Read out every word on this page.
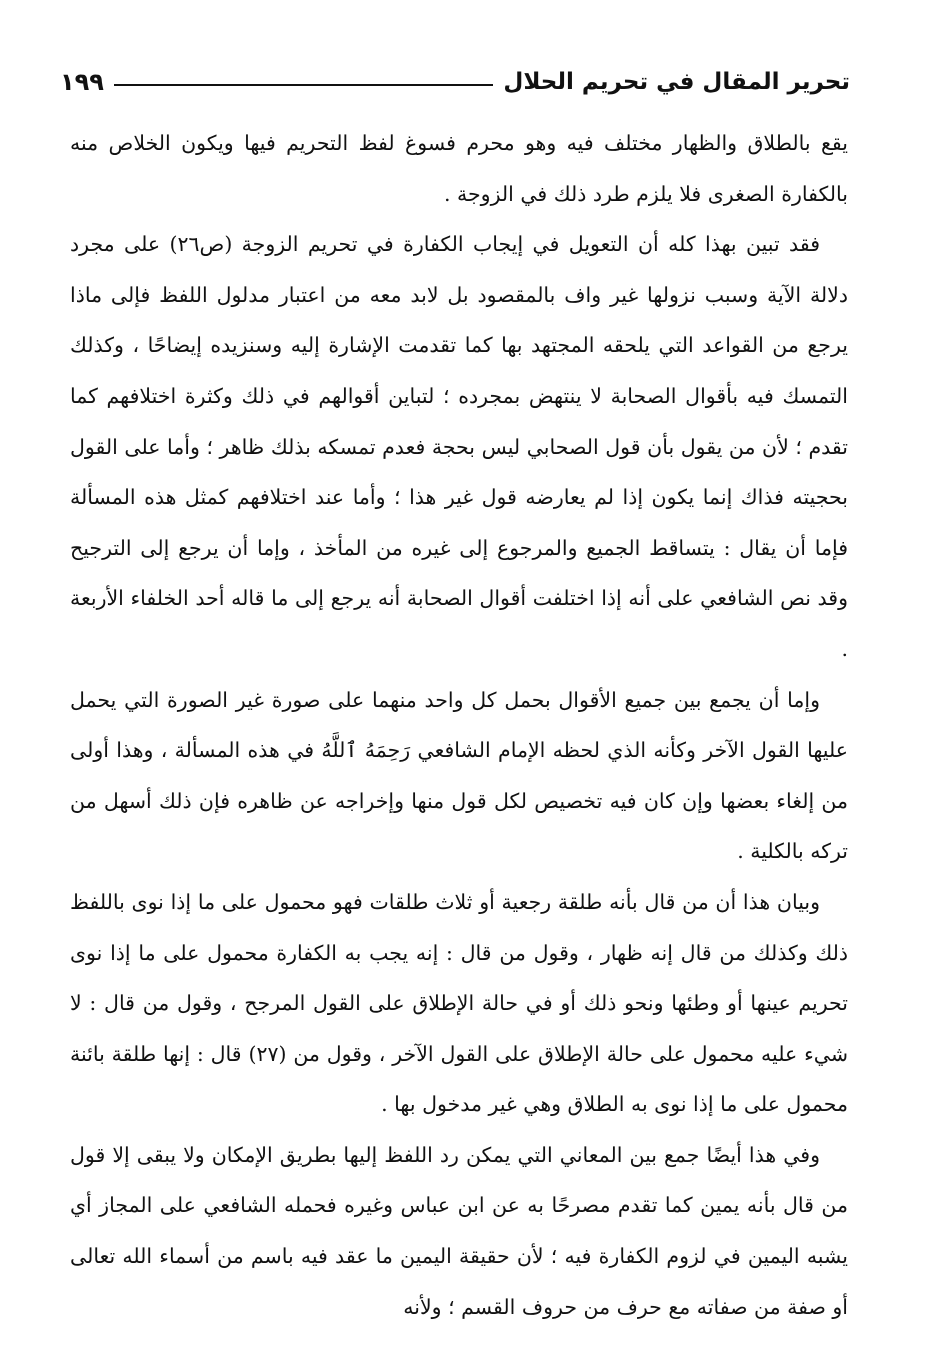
تحرير المقال في تحريم الحلال
١٩٩

يقع بالطلاق والظهار مختلف فيه وهو محرم فسوغ لفظ التحريم فيها ويكون الخلاص منه بالكفارة الصغرى فلا يلزم طرد ذلك في الزوجة .

فقد تبين بهذا كله أن التعويل في إيجاب الكفارة في تحريم الزوجة (ص٢٦) على مجرد دلالة الآية وسبب نزولها غير واف بالمقصود بل لابد معه من اعتبار مدلول اللفظ فإلى ماذا يرجع من القواعد التي يلحقه المجتهد بها كما تقدمت الإشارة إليه وسنزيده إيضاحًا ، وكذلك التمسك فيه بأقوال الصحابة لا ينتهض بمجرده ؛ لتباين أقوالهم في ذلك وكثرة اختلافهم كما تقدم ؛ لأن من يقول بأن قول الصحابي ليس بحجة فعدم تمسكه بذلك ظاهر ؛ وأما على القول بحجيته فذاك إنما يكون إذا لم يعارضه قول غير هذا ؛ وأما عند اختلافهم كمثل هذه المسألة فإما أن يقال : يتساقط الجميع والمرجوع إلى غيره من المأخذ ، وإما أن يرجع إلى الترجيح وقد نص الشافعي على أنه إذا اختلفت أقوال الصحابة أنه يرجع إلى ما قاله أحد الخلفاء الأربعة .

وإما أن يجمع بين جميع الأقوال بحمل كل واحد منهما على صورة غير الصورة التي يحمل عليها القول الآخر وكأنه الذي لحظه الإمام الشافعي رَحِمَهُ ٱللَّهُ في هذه المسألة ، وهذا أولى من إلغاء بعضها وإن كان فيه تخصيص لكل قول منها وإخراجه عن ظاهره فإن ذلك أسهل من تركه بالكلية .

وبيان هذا أن من قال بأنه طلقة رجعية أو ثلاث طلقات فهو محمول على ما إذا نوى باللفظ ذلك وكذلك من قال إنه ظهار ، وقول من قال : إنه يجب به الكفارة محمول على ما إذا نوى تحريم عينها أو وطئها ونحو ذلك أو في حالة الإطلاق على القول المرجح ، وقول من قال : لا شيء عليه محمول على حالة الإطلاق على القول الآخر ، وقول من (٢٧) قال : إنها طلقة بائنة محمول على ما إذا نوى به الطلاق وهي غير مدخول بها .

وفي هذا أيضًا جمع بين المعاني التي يمكن رد اللفظ إليها بطريق الإمكان ولا يبقى إلا قول من قال بأنه يمين كما تقدم مصرحًا به عن ابن عباس وغيره فحمله الشافعي على المجاز أي يشبه اليمين في لزوم الكفارة فيه ؛ لأن حقيقة اليمين ما عقد فيه باسم من أسماء الله تعالى أو صفة من صفاته مع حرف من حروف القسم ؛ ولأنه
